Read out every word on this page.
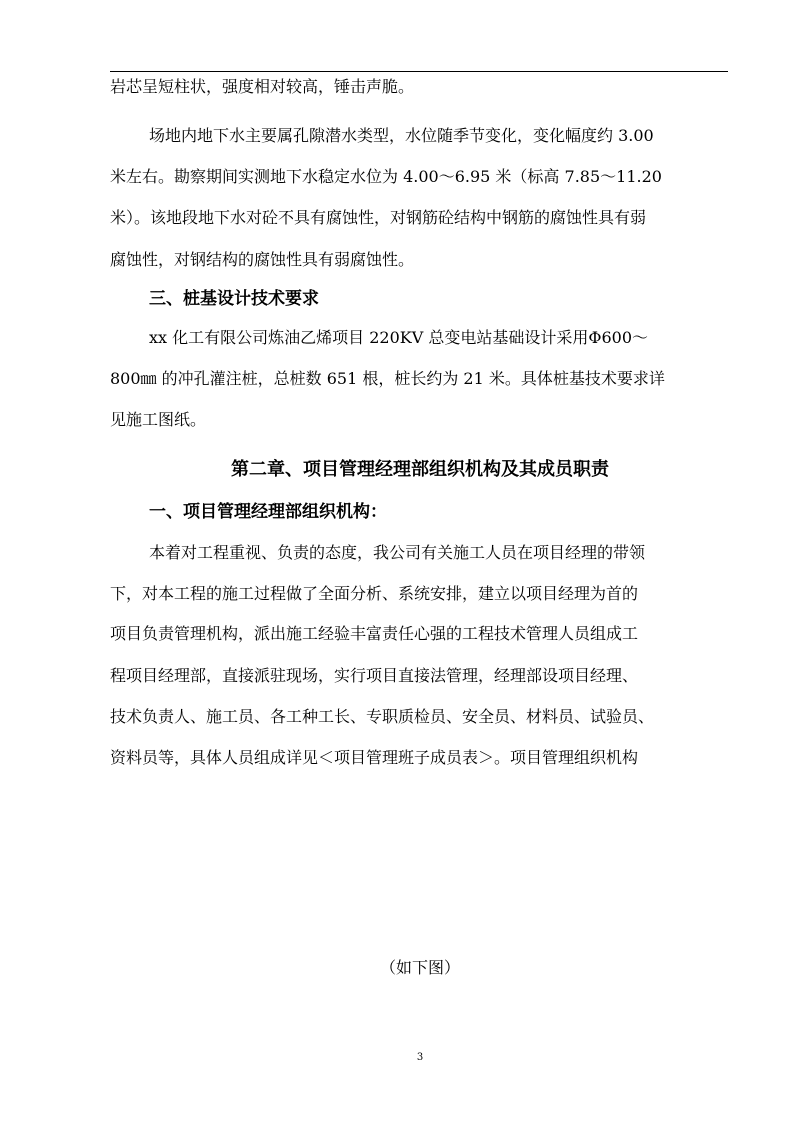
岩芯呈短柱状，强度相对较高，锤击声脆。
场地内地下水主要属孔隙潜水类型，水位随季节变化，变化幅度约 3.00
米左右。勘察期间实测地下水稳定水位为 4.00～6.95 米（标高 7.85～11.20
米）。该地段地下水对砼不具有腐蚀性，对钢筋砼结构中钢筋的腐蚀性具有弱
腐蚀性，对钢结构的腐蚀性具有弱腐蚀性。
三、桩基设计技术要求
xx 化工有限公司炼油乙烯项目 220KV 总变电站基础设计采用Φ600～
800㎜ 的冲孔灌注桩，总桩数 651 根，桩长约为 21 米。具体桩基技术要求详
见施工图纸。
第二章、项目管理经理部组织机构及其成员职责
一、项目管理经理部组织机构：
本着对工程重视、负责的态度，我公司有关施工人员在项目经理的带领
下，对本工程的施工过程做了全面分析、系统安排，建立以项目经理为首的
项目负责管理机构，派出施工经验丰富责任心强的工程技术管理人员组成工
程项目经理部，直接派驻现场，实行项目直接法管理，经理部设项目经理、
技术负责人、施工员、各工种工长、专职质检员、安全员、材料员、试验员、
资料员等，具体人员组成详见＜项目管理班子成员表＞。项目管理组织机构
（如下图）
3
